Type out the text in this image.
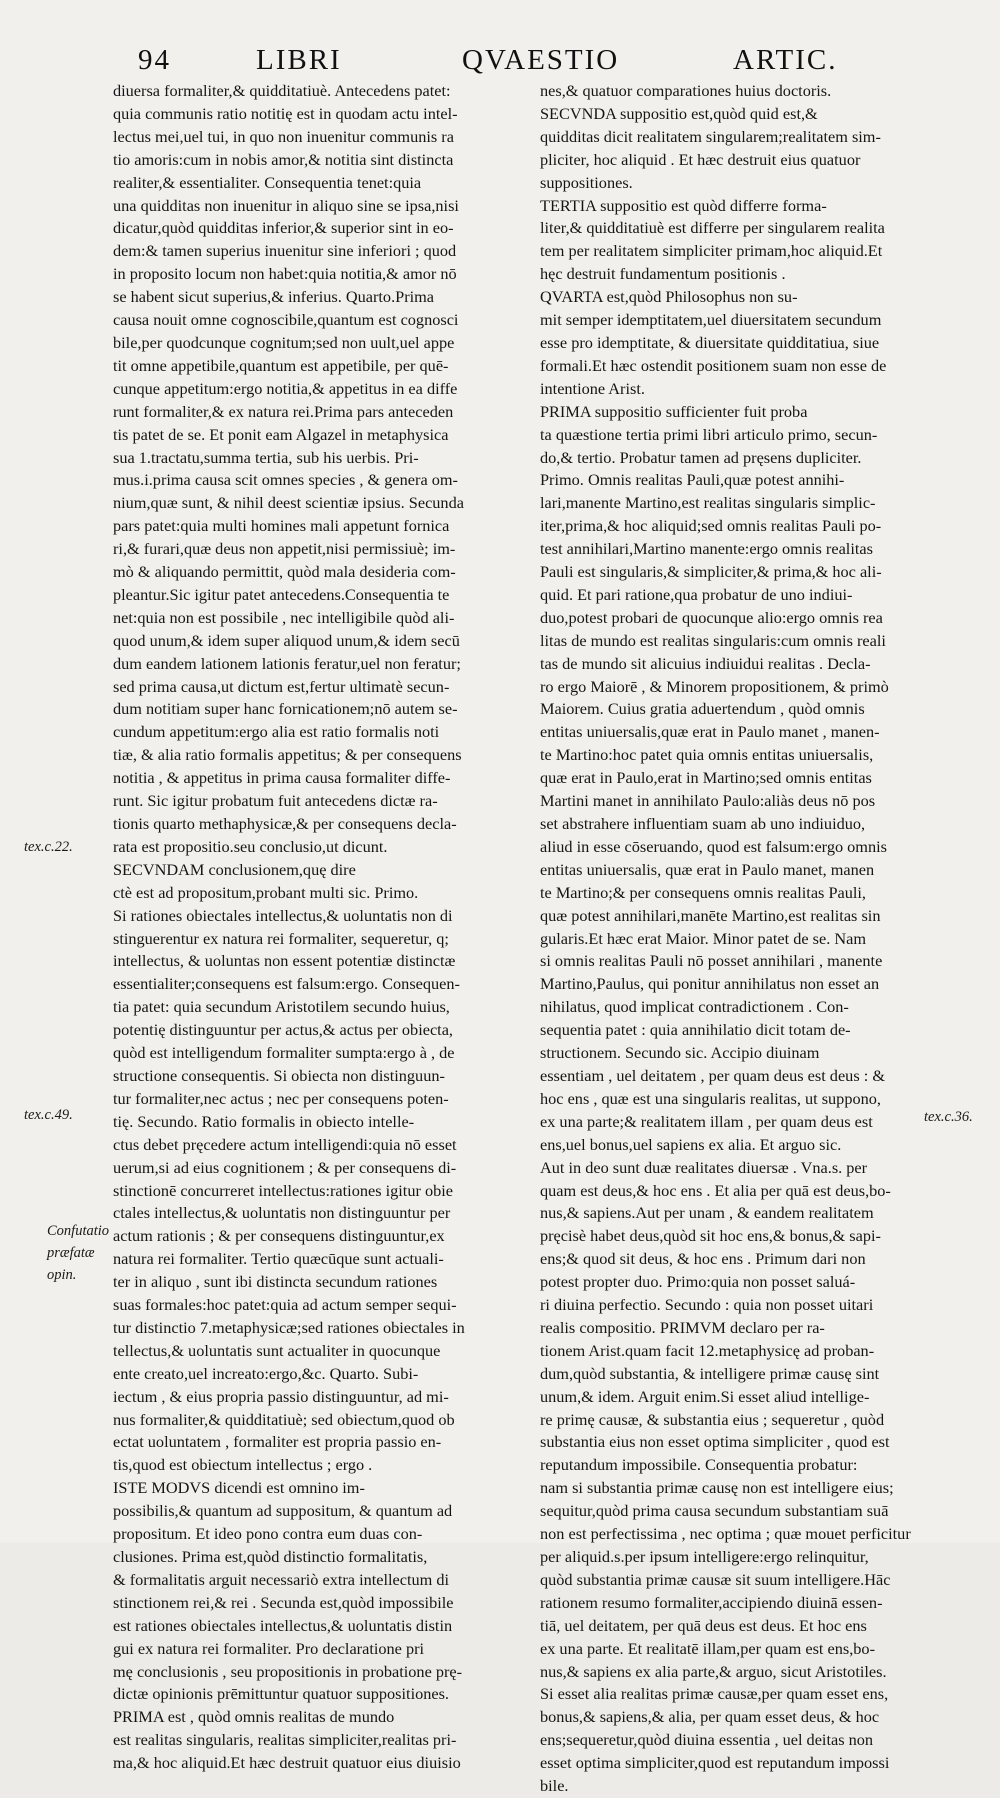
94	LIBRI	QVAESTIO	ARTIC.
diuersa formaliter,& quidditatiuè. Antecedens patet:
quia communis ratio notitię est in quodam actu intel-
lectus mei,uel tui, in quo non inuenitur communis ra
tio amoris:cum in nobis amor,& notitia sint distincta
realiter,& essentialiter. Consequentia tenet:quia
una quidditas non inuenitur in aliquo sine se ipsa,nisi
dicatur,quòd quidditas inferior,& superior sint in eo-
dem:& tamen superius inuenitur sine inferiori ; quod
in proposito locum non habet:quia notitia,& amor nō
se habent sicut superius,& inferius. Quarto.Prima
causa nouit omne cognoscibile,quantum est cognosci
bile,per quodcunque cognitum;sed non uult,uel appe
tit omne appetibile,quantum est appetibile, per quē-
cunque appetitum:ergo notitia,& appetitus in ea diffe
runt formaliter,& ex natura rei.Prima pars anteceden
tis patet de se. Et ponit eam Algazel in metaphysica
sua 1.tractatu,summa tertia, sub his uerbis. Pri-
mus.i.prima causa scit omnes species , & genera om-
nium,quæ sunt, & nihil deest scientiæ ipsius. Secunda
pars patet:quia multi homines mali appetunt fornica
ri,& furari,quæ deus non appetit,nisi permissiuè; im-
mò & aliquando permittit, quòd mala desideria com-
pleantur.Sic igitur patet antecedens.Consequentia te
net:quia non est possibile , nec intelligibile quòd ali-
quod unum,& idem super aliquod unum,& idem secū
dum eandem lationem lationis feratur,uel non feratur;
sed prima causa,ut dictum est,fertur ultimatè secun-
dum notitiam super hanc fornicationem;nō autem se-
cundum appetitum:ergo alia est ratio formalis noti
tiæ, & alia ratio formalis appetitus; & per consequens
notitia , & appetitus in prima causa formaliter diffe-
runt. Sic igitur probatum fuit antecedens dictæ ra-
tionis quarto methaphysicæ,& per consequens decla-
rata est propositio.seu conclusio,ut dicunt.
SECVNDAM conclusionem,quę dire
ctè est ad propositum,probant multi sic. Primo.
Si rationes obiectales intellectus,& uoluntatis non di
stinguerentur ex natura rei formaliter, sequeretur, q;
intellectus, & uoluntas non essent potentiæ distinctæ
essentialiter;consequens est falsum:ergo. Consequen-
tia patet: quia secundum Aristotilem secundo huius,
potentię distinguuntur per actus,& actus per obiecta,
quòd est intelligendum formaliter sumpta:ergo à , de
structione consequentis. Si obiecta non distinguun-
tur formaliter,nec actus ; nec per consequens poten-
tię. Secundo. Ratio formalis in obiecto intelle-
ctus debet pręcedere actum intelligendi:quia nō esset
uerum,si ad eius cognitionem ; & per consequens di-
stinctionē concurreret intellectus:rationes igitur obie
ctales intellectus,& uoluntatis non distinguuntur per
actum rationis ; & per consequens distinguuntur,ex
natura rei formaliter. Tertio quæcūque sunt actuali-
ter in aliquo , sunt ibi distincta secundum rationes
suas formales:hoc patet:quia ad actum semper sequi-
tur distinctio 7.metaphysicæ;sed rationes obiectales in
tellectus,& uoluntatis sunt actualiter in quocunque
ente creato,uel increato:ergo,&c. Quarto. Subi-
iectum , & eius propria passio distinguuntur, ad mi-
nus formaliter,& quidditatiuè; sed obiectum,quod ob
ectat uoluntatem , formaliter est propria passio en-
tis,quod est obiectum intellectus ; ergo .
ISTE MODVS dicendi est omnino im-
possibilis,& quantum ad suppositum, & quantum ad
propositum. Et ideo pono contra eum duas con-
clusiones. Prima est,quòd distinctio formalitatis,
& formalitatis arguit necessariò extra intellectum di
stinctionem rei,& rei . Secunda est,quòd impossibile
est rationes obiectales intellectus,& uoluntatis distin
gui ex natura rei formaliter. Pro declaratione pri
mę conclusionis , seu propositionis in probatione prę-
dictæ opinionis prēmittuntur quatuor suppositiones.
PRIMA est , quòd omnis realitas de mundo
est realitas singularis, realitas simpliciter,realitas pri-
ma,& hoc aliquid.Et hæc destruit quatuor eius diuisio
nes,& quatuor comparationes huius doctoris.
SECVNDA suppositio est,quòd quid est,&
quidditas dicit realitatem singularem;realitatem sim-
pliciter, hoc aliquid . Et hæc destruit eius quatuor
suppositiones.
TERTIA suppositio est quòd differre forma-
liter,& quidditatiuè est differre per singularem realita
tem per realitatem simpliciter primam,hoc aliquid.Et
hęc destruit fundamentum positionis .
QVARTA est,quòd Philosophus non su-
mit semper idemptitatem,uel diuersitatem secundum
esse pro idemptitate, & diuersitate quidditatiua, siue
formali.Et hæc ostendit positionem suam non esse de
intentione Arist.
PRIMA suppositio sufficienter fuit proba
ta quæstione tertia primi libri articulo primo, secun-
do,& tertio. Probatur tamen ad pręsens dupliciter.
Primo. Omnis realitas Pauli,quæ potest annihi-
lari,manente Martino,est realitas singularis simplic-
iter,prima,& hoc aliquid;sed omnis realitas Pauli po-
test annihilari,Martino manente:ergo omnis realitas
Pauli est singularis,& simpliciter,& prima,& hoc ali-
quid. Et pari ratione,qua probatur de uno indiui-
duo,potest probari de quocunque alio:ergo omnis rea
litas de mundo est realitas singularis:cum omnis reali
tas de mundo sit alicuius indiuidui realitas . Decla-
ro ergo Maiorē , & Minorem propositionem, & primò
Maiorem. Cuius gratia aduertendum , quòd omnis
entitas uniuersalis,quæ erat in Paulo manet , manen-
te Martino:hoc patet quia omnis entitas uniuersalis,
quæ erat in Paulo,erat in Martino;sed omnis entitas
Martini manet in annihilato Paulo:aliàs deus nō pos
set abstrahere influentiam suam ab uno indiuiduo,
aliud in esse cōseruando, quod est falsum:ergo omnis
entitas uniuersalis, quæ erat in Paulo manet, manen
te Martino;& per consequens omnis realitas Pauli,
quæ potest annihilari,manēte Martino,est realitas sin
gularis.Et hæc erat Maior. Minor patet de se. Nam
si omnis realitas Pauli nō posset annihilari , manente
Martino,Paulus, qui ponitur annihilatus non esset an
nihilatus, quod implicat contradictionem . Con-
sequentia patet : quia annihilatio dicit totam de-
structionem. Secundo sic. Accipio diuinam
essentiam , uel deitatem , per quam deus est deus : &
hoc ens , quæ est una singularis realitas, ut suppono,
ex una parte;& realitatem illam , per quam deus est
ens,uel bonus,uel sapiens ex alia. Et arguo sic.
Aut in deo sunt duæ realitates diuersæ . Vna.s. per
quam est deus,& hoc ens . Et alia per quā est deus,bo-
nus,& sapiens.Aut per unam , & eandem realitatem
pręcisè habet deus,quòd sit hoc ens,& bonus,& sapi-
ens;& quod sit deus, & hoc ens . Primum dari non
potest propter duo. Primo:quia non posset saluá-
ri diuina perfectio. Secundo : quia non posset uitari
realis compositio. PRIMVM declaro per ra-
tionem Arist.quam facit 12.metaphysicę ad proban-
dum,quòd substantia, & intelligere primæ causę sint
unum,& idem. Arguit enim.Si esset aliud intellige-
re primę causæ, & substantia eius ; sequeretur , quòd
substantia eius non esset optima simpliciter , quod est
reputandum impossibile. Consequentia probatur:
nam si substantia primæ causę non est intelligere eius;
sequitur,quòd prima causa secundum substantiam suā
non est perfectissima , nec optima ; quæ mouet perficitur
per aliquid.s.per ipsum intelligere:ergo relinquitur,
quòd substantia primæ causæ sit suum intelligere.Hāc
rationem resumo formaliter,accipiendo diuinā essen-
tiā, uel deitatem, per quā deus est deus. Et hoc ens
ex una parte. Et realitatē illam,per quam est ens,bo-
nus,& sapiens ex alia parte,& arguo, sicut Aristotiles.
Si esset alia realitas primæ causæ,per quam esset ens,
bonus,& sapiens,& alia, per quam esset deus, & hoc
ens;sequeretur,quòd diuina essentia , uel deitas non
esset optima simpliciter,quod est reputandum impossi
bile.
tex.c.22.
tex.c.49.
Confutatio
præfatæ
opin.
tex.c.36.
